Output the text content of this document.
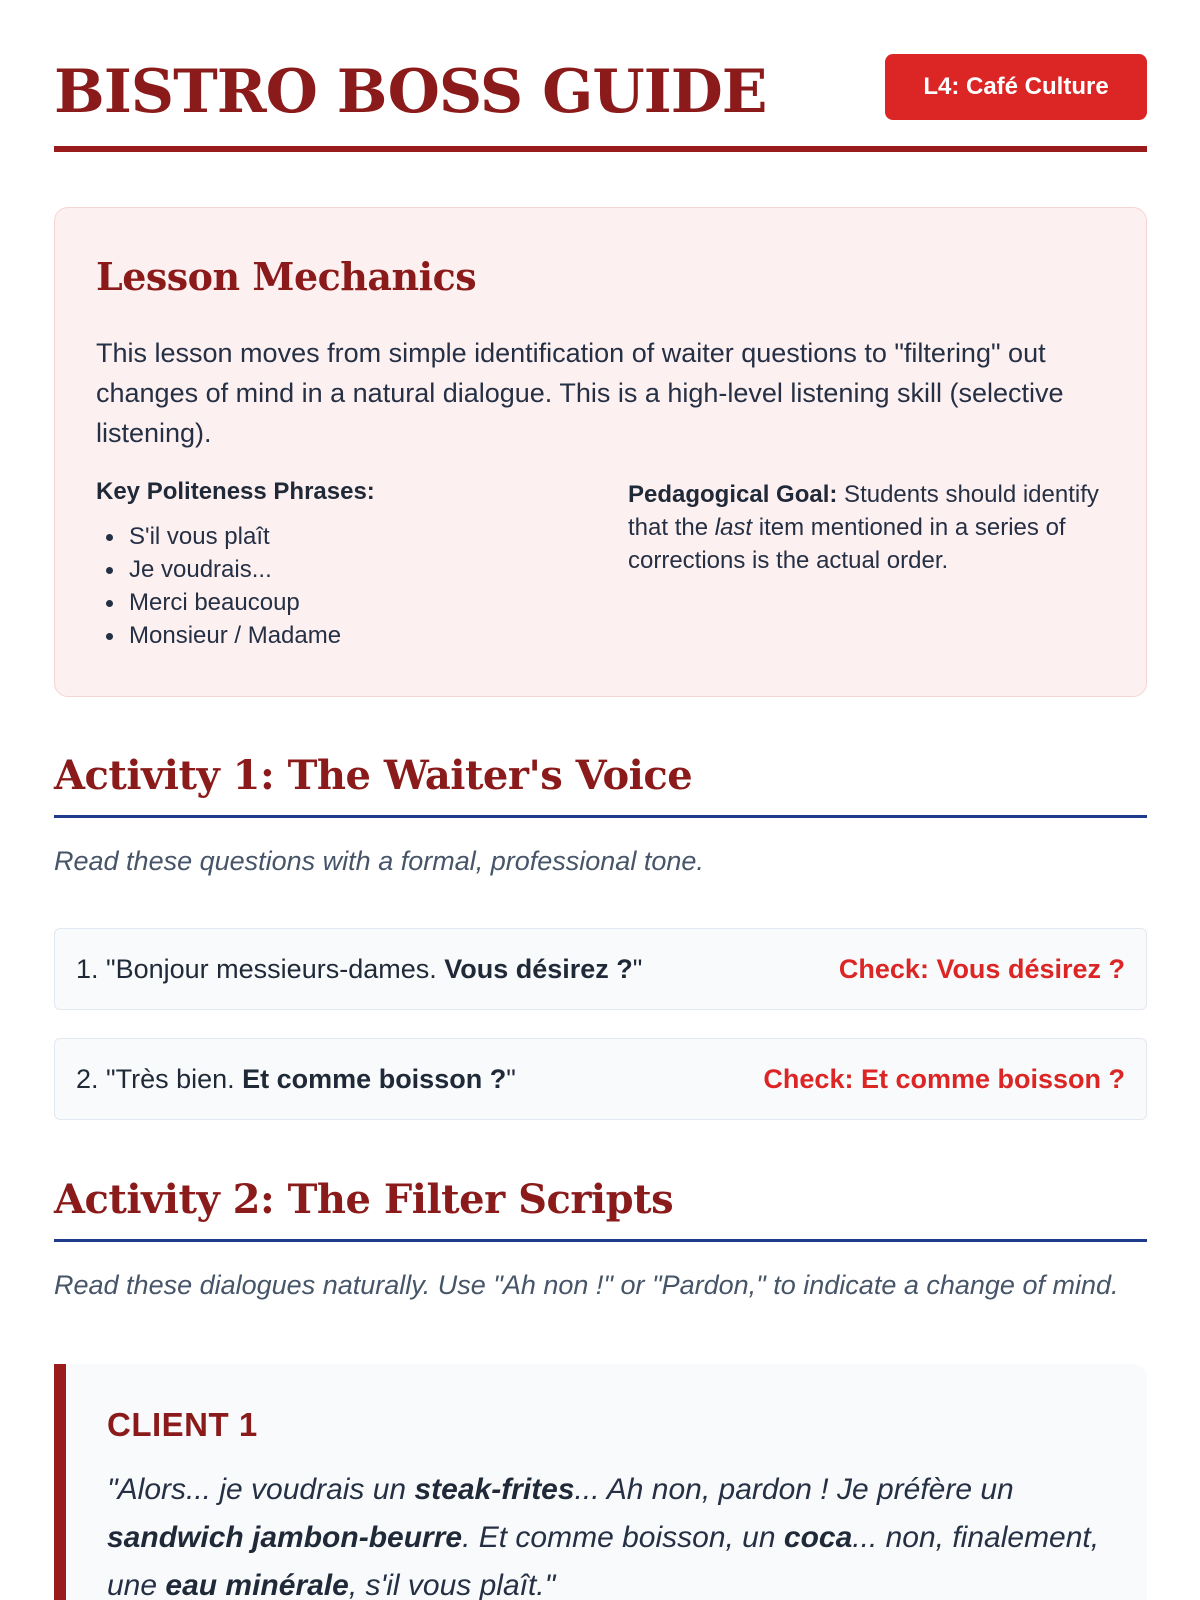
BISTRO BOSS GUIDE	L4: Café Culture
Lesson Mechanics
This lesson moves from simple identification of waiter questions to "filtering" out changes of mind in a natural dialogue. This is a high-level listening skill (selective listening).
Key Politeness Phrases:
S'il vous plaît
Je voudrais...
Merci beaucoup
Monsieur / Madame
Pedagogical Goal: Students should identify that the last item mentioned in a series of corrections is the actual order.
Activity 1: The Waiter's Voice
Read these questions with a formal, professional tone.
1. "Bonjour messieurs-dames. Vous désirez ?"	Check: Vous désirez ?
2. "Très bien. Et comme boisson ?"	Check: Et comme boisson ?
Activity 2: The Filter Scripts
Read these dialogues naturally. Use "Ah non !" or "Pardon," to indicate a change of mind.
CLIENT 1
"Alors... je voudrais un steak-frites... Ah non, pardon ! Je préfère un sandwich jambon-beurre. Et comme boisson, un coca... non, finalement, une eau minérale, s'il vous plaît."
